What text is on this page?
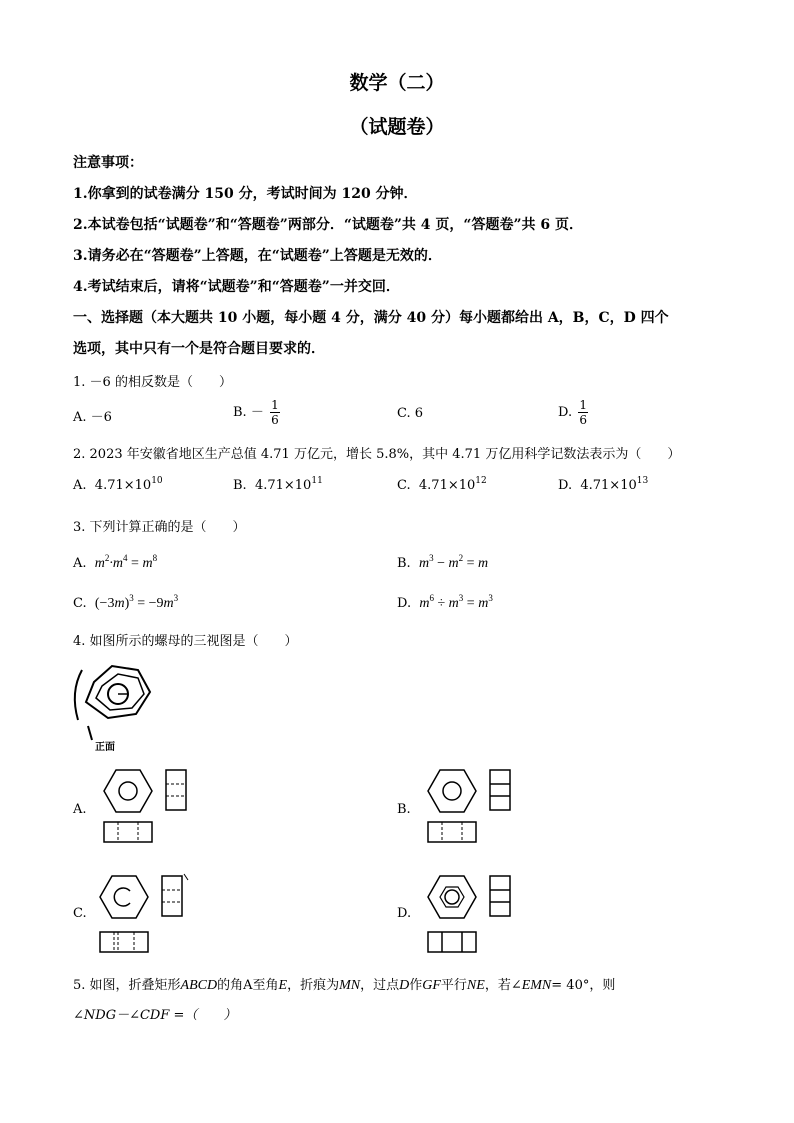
数学（二）
（试题卷）
注意事项：
1.你拿到的试卷满分 150 分，考试时间为 120 分钟．
2.本试卷包括“试题卷”和“答题卷”两部分．“试题卷”共 4 页，“答题卷”共 6 页．
3.请务必在“答题卷”上答题，在“试题卷”上答题是无效的．
4.考试结束后，请将“试题卷”和“答题卷”一并交回．
一、选择题（本大题共 10 小题，每小题 4 分，满分 40 分）每小题都给出 A，B，C，D 四个
选项，其中只有一个是符合题目要求的．
1. －6 的相反数是（　　）
A. －6	B. － $\frac{1}{6}$	C. 6	D. $\frac{1}{6}$
2. 2023 年安徽省地区生产总值 4.71 万亿元，增长 5.8%，其中 4.71 万亿用科学记数法表示为（　　）
A. $4.71\times 10^{10}$	B. $4.71\times 10^{11}$	C. $4.71\times 10^{12}$	D. $4.71\times 10^{13}$
3. 下列计算正确的是（　　）
A. $m^2\cdot m^4 = m^8$	B. $m^3 - m^2 = m$
C. $(-3m)^3 = -9m^3$	D. $m^6 \div m^3 = m^3$
4. 如图所示的螺母的三视图是（　　）
正面
A.	B.
C.	D.
5. 如图，折叠矩形ABCD的角A至角E，折痕为MN，过点D作GF平行NE，若∠EMN= 40°，则
∠NDG－∠CDF =（　　）
